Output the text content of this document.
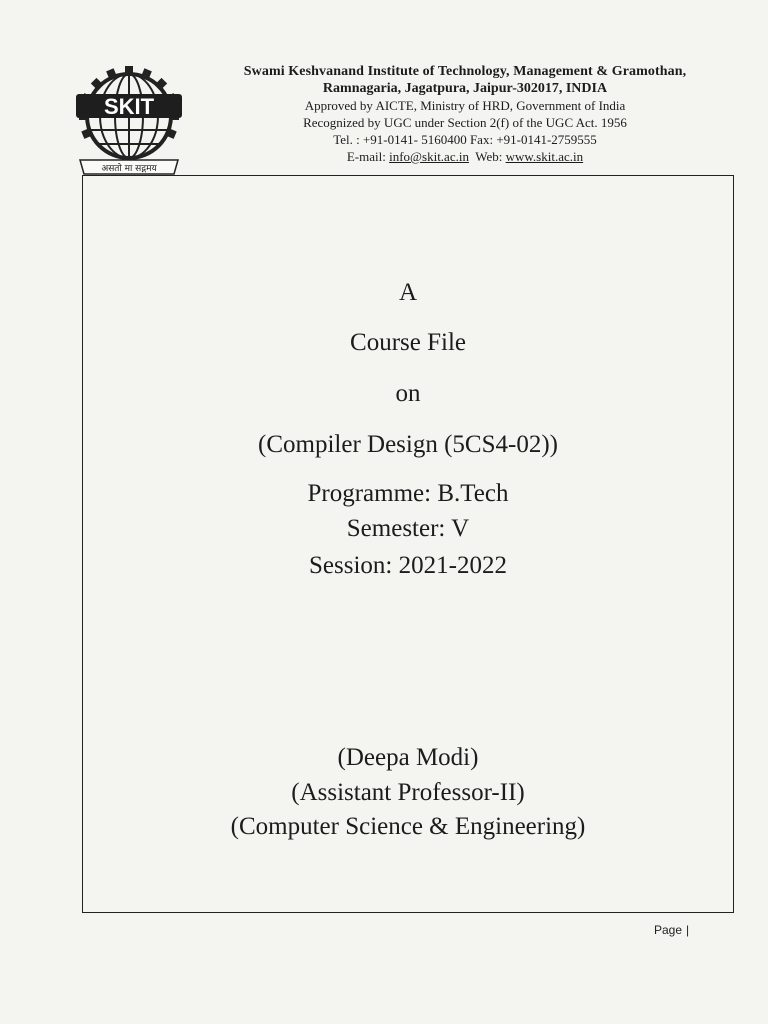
SKIT
असतो मा सद्गमय
Swami Keshvanand Institute of Technology, Management & Gramothan,
Ramnagaria, Jagatpura, Jaipur-302017, INDIA
Approved by AICTE, Ministry of HRD, Government of India
Recognized by UGC under Section 2(f) of the UGC Act. 1956
Tel. : +91-0141- 5160400 Fax: +91-0141-2759555
E-mail: info@skit.ac.in Web: www.skit.ac.in
A
Course File
on
(Compiler Design (5CS4-02))
Programme: B.Tech
Semester: V
Session: 2021-2022
(Deepa Modi)
(Assistant Professor-II)
(Computer Science & Engineering)
Page |
